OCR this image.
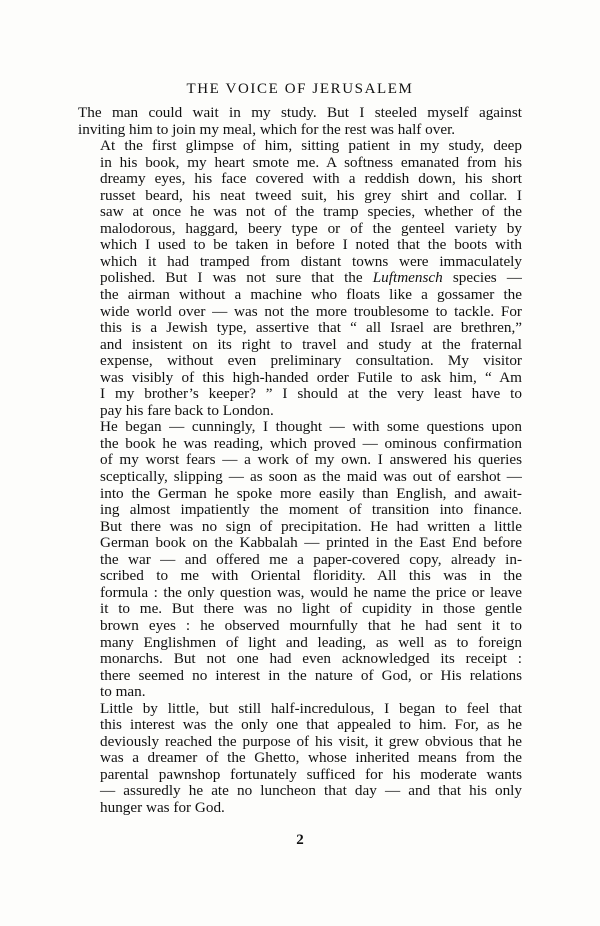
THE VOICE OF JERUSALEM

The man could wait in my study. But I steeled myself against
inviting him to join my meal, which for the rest was half over.

At the first glimpse of him, sitting patient in my study, deep
in his book, my heart smote me. A softness emanated from his
dreamy eyes, his face covered with a reddish down, his short
russet beard, his neat tweed suit, his grey shirt and collar. I
saw at once he was not of the tramp species, whether of the
malodorous, haggard, beery type or of the genteel variety by
which I used to be taken in before I noted that the boots with
which it had tramped from distant towns were immaculately
polished. But I was not sure that the Luftmensch species —
the airman without a machine who floats like a gossamer the
wide world over — was not the more troublesome to tackle. For
this is a Jewish type, assertive that “ all Israel are brethren,”
and insistent on its right to travel and study at the fraternal
expense, without even preliminary consultation. My visitor
was visibly of this high-handed order Futile to ask him, “ Am
I my brother’s keeper? ” I should at the very least have to
pay his fare back to London.

He began — cunningly, I thought — with some questions upon
the book he was reading, which proved — ominous confirmation
of my worst fears — a work of my own. I answered his queries
sceptically, slipping — as soon as the maid was out of earshot —
into the German he spoke more easily than English, and await-
ing almost impatiently the moment of transition into finance.
But there was no sign of precipitation. He had written a little
German book on the Kabbalah — printed in the East End before
the war — and offered me a paper-covered copy, already in-
scribed to me with Oriental floridity. All this was in the
formula : the only question was, would he name the price or leave
it to me. But there was no light of cupidity in those gentle
brown eyes : he observed mournfully that he had sent it to
many Englishmen of light and leading, as well as to foreign
monarchs. But not one had even acknowledged its receipt :
there seemed no interest in the nature of God, or His relations
to man.

Little by little, but still half-incredulous, I began to feel that
this interest was the only one that appealed to him. For, as he
deviously reached the purpose of his visit, it grew obvious that he
was a dreamer of the Ghetto, whose inherited means from the
parental pawnshop fortunately sufficed for his moderate wants
— assuredly he ate no luncheon that day — and that his only
hunger was for God.

2
